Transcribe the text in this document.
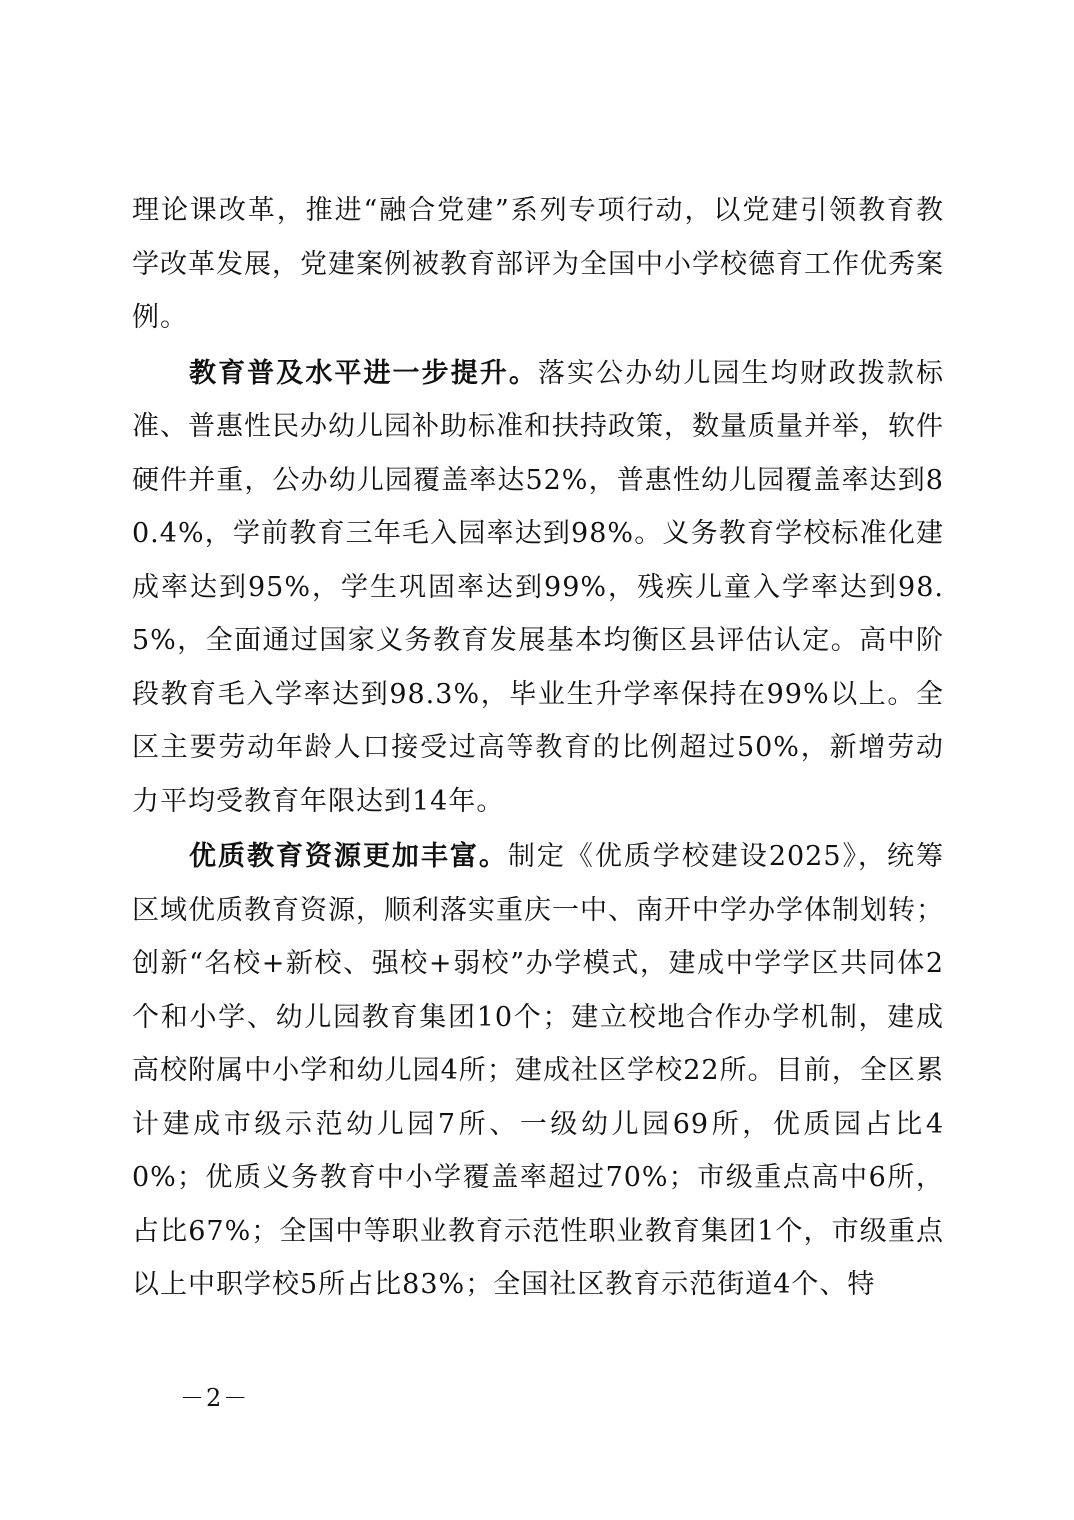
理论课改革，推进“融合党建”系列专项行动，以党建引领教育教学改革发展，党建案例被教育部评为全国中小学校德育工作优秀案例。

教育普及水平进一步提升。落实公办幼儿园生均财政拨款标准、普惠性民办幼儿园补助标准和扶持政策，数量质量并举，软件硬件并重，公办幼儿园覆盖率达52%，普惠性幼儿园覆盖率达到80.4%，学前教育三年毛入园率达到98%。义务教育学校标准化建成率达到95%，学生巩固率达到99%，残疾儿童入学率达到98.5%，全面通过国家义务教育发展基本均衡区县评估认定。高中阶段教育毛入学率达到98.3%，毕业生升学率保持在99%以上。全区主要劳动年龄人口接受过高等教育的比例超过50%，新增劳动力平均受教育年限达到14年。

优质教育资源更加丰富。制定《优质学校建设2025》，统筹区域优质教育资源，顺利落实重庆一中、南开中学办学体制划转；创新“名校+新校、强校+弱校”办学模式，建成中学学区共同体2个和小学、幼儿园教育集团10个；建立校地合作办学机制，建成高校附属中小学和幼儿园4所；建成社区学校22所。目前，全区累计建成市级示范幼儿园7所、一级幼儿园69所，优质园占比40%；优质义务教育中小学覆盖率超过70%；市级重点高中6所，占比67%；全国中等职业教育示范性职业教育集团1个，市级重点以上中职学校5所占比83%；全国社区教育示范街道4个、特

－2－
